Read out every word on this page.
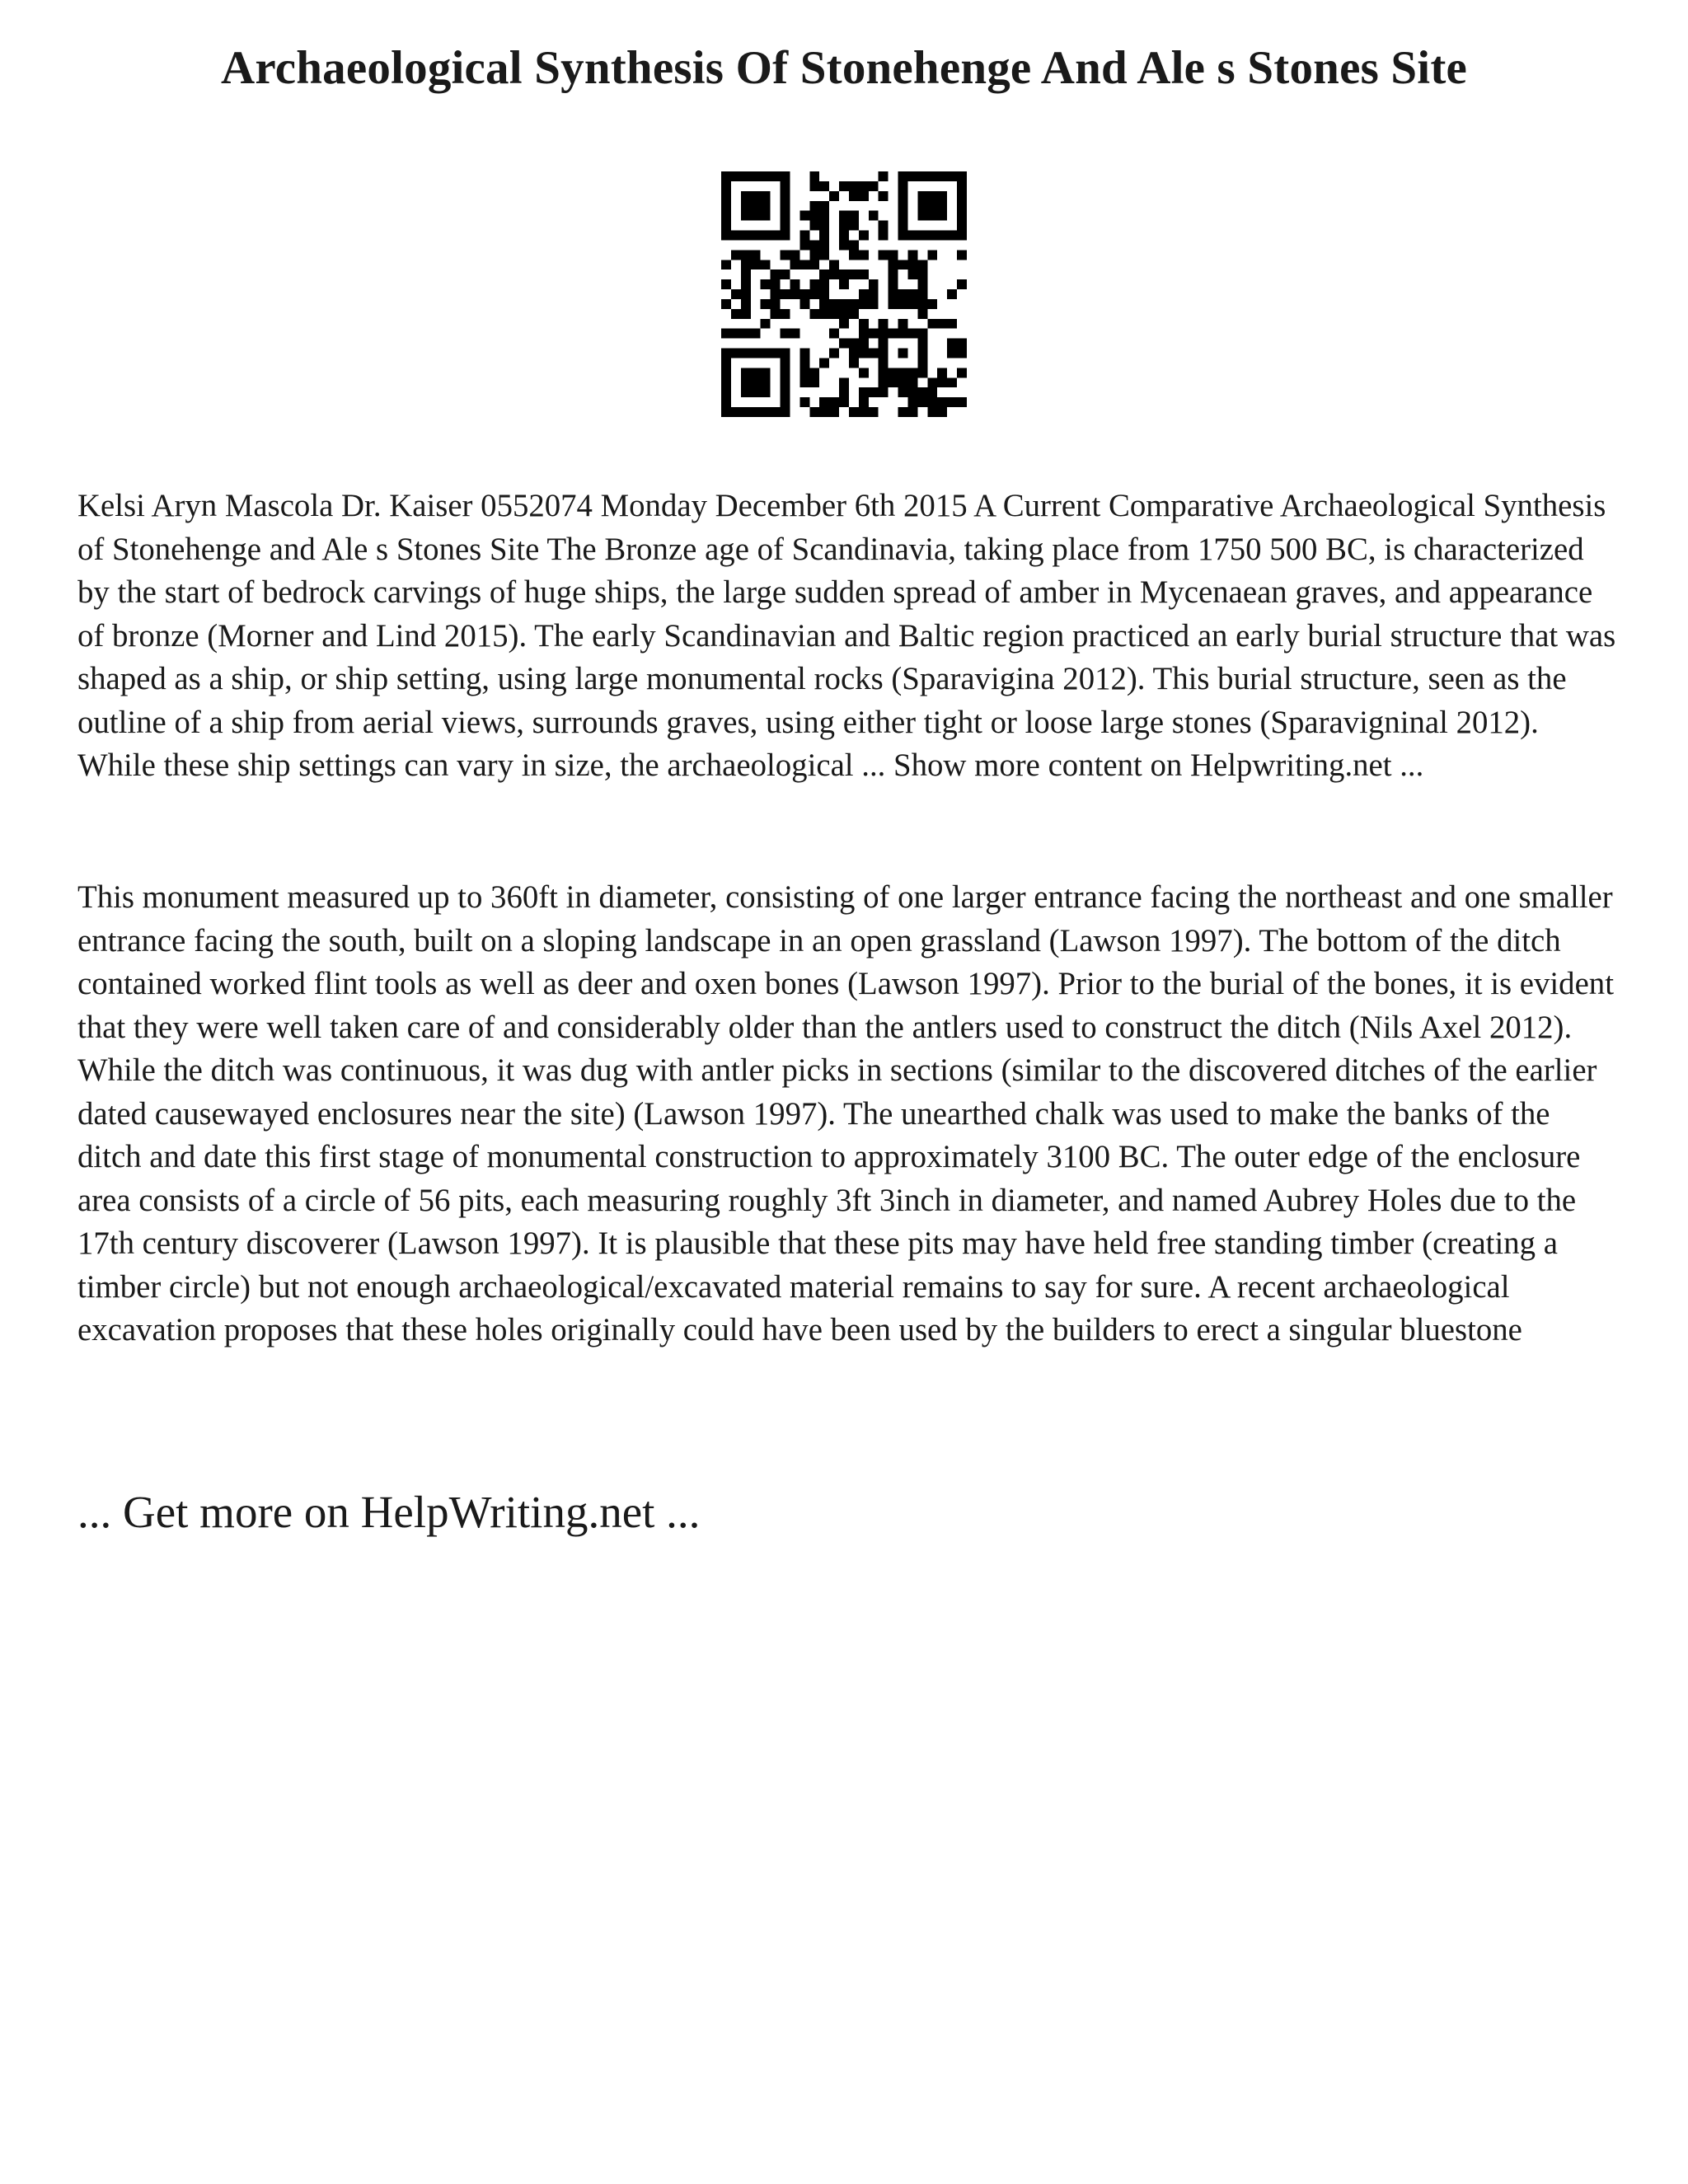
Archaeological Synthesis Of Stonehenge And Ale s Stones Site

Kelsi Aryn Mascola Dr. Kaiser 0552074 Monday December 6th 2015 A Current Comparative Archaeological Synthesis of Stonehenge and Ale s Stones Site The Bronze age of Scandinavia, taking place from 1750 500 BC, is characterized by the start of bedrock carvings of huge ships, the large sudden spread of amber in Mycenaean graves, and appearance of bronze (Morner and Lind 2015). The early Scandinavian and Baltic region practiced an early burial structure that was shaped as a ship, or ship setting, using large monumental rocks (Sparavigina 2012). This burial structure, seen as the outline of a ship from aerial views, surrounds graves, using either tight or loose large stones (Sparavigninal 2012). While these ship settings can vary in size, the archaeological ... Show more content on Helpwriting.net ...

This monument measured up to 360ft in diameter, consisting of one larger entrance facing the northeast and one smaller entrance facing the south, built on a sloping landscape in an open grassland (Lawson 1997). The bottom of the ditch contained worked flint tools as well as deer and oxen bones (Lawson 1997). Prior to the burial of the bones, it is evident that they were well taken care of and considerably older than the antlers used to construct the ditch (Nils Axel 2012). While the ditch was continuous, it was dug with antler picks in sections (similar to the discovered ditches of the earlier dated causewayed enclosures near the site) (Lawson 1997). The unearthed chalk was used to make the banks of the ditch and date this first stage of monumental construction to approximately 3100 BC. The outer edge of the enclosure area consists of a circle of 56 pits, each measuring roughly 3ft 3inch in diameter, and named Aubrey Holes due to the 17th century discoverer (Lawson 1997). It is plausible that these pits may have held free standing timber (creating a timber circle) but not enough archaeological/excavated material remains to say for sure. A recent archaeological excavation proposes that these holes originally could have been used by the builders to erect a singular bluestone

... Get more on HelpWriting.net ...
